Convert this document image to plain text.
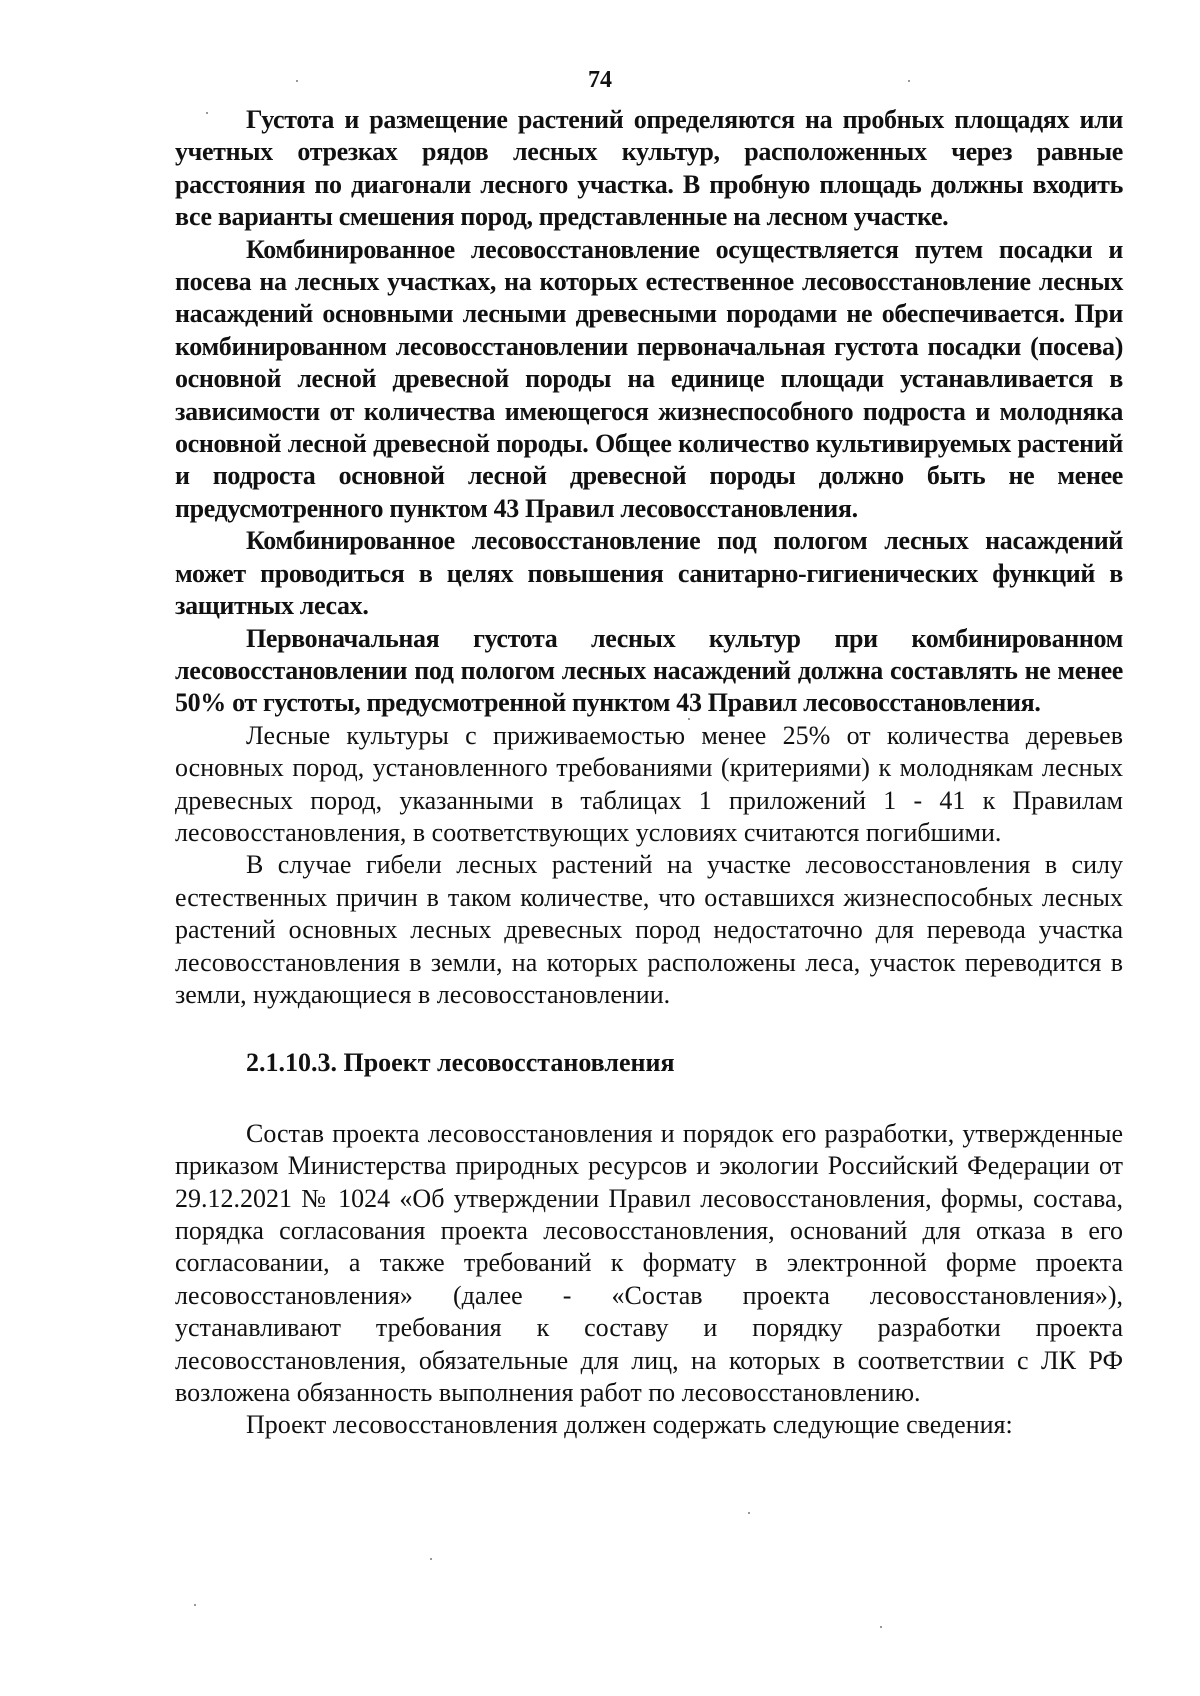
74

Густота и размещение растений определяются на пробных площадях или учетных отрезках рядов лесных культур, расположенных через равные расстояния по диагонали лесного участка. В пробную площадь должны входить все варианты смешения пород, представленные на лесном участке.

Комбинированное лесовосстановление осуществляется путем посадки и посева на лесных участках, на которых естественное лесовосстановление лесных насаждений основными лесными древесными породами не обеспечивается. При комбинированном лесовосстановлении первоначальная густота посадки (посева) основной лесной древесной породы на единице площади устанавливается в зависимости от количества имеющегося жизнеспособного подроста и молодняка основной лесной древесной породы. Общее количество культивируемых растений и подроста основной лесной древесной породы должно быть не менее предусмотренного пунктом 43 Правил лесовосстановления.

Комбинированное лесовосстановление под пологом лесных насаждений может проводиться в целях повышения санитарно-гигиенических функций в защитных лесах.

Первоначальная густота лесных культур при комбинированном лесовосстановлении под пологом лесных насаждений должна составлять не менее 50% от густоты, предусмотренной пунктом 43 Правил лесовосстановления.

Лесные культуры с приживаемостью менее 25% от количества деревьев основных пород, установленного требованиями (критериями) к молоднякам лесных древесных пород, указанными в таблицах 1 приложений 1 - 41 к Правилам лесовосстановления, в соответствующих условиях считаются погибшими.

В случае гибели лесных растений на участке лесовосстановления в силу естественных причин в таком количестве, что оставшихся жизнеспособных лесных растений основных лесных древесных пород недостаточно для перевода участка лесовосстановления в земли, на которых расположены леса, участок переводится в земли, нуждающиеся в лесовосстановлении.

2.1.10.3. Проект лесовосстановления

Состав проекта лесовосстановления и порядок его разработки, утвержденные приказом Министерства природных ресурсов и экологии Российский Федерации от 29.12.2021 № 1024 «Об утверждении Правил лесовосстановления, формы, состава, порядка согласования проекта лесовосстановления, оснований для отказа в его согласовании, а также требований к формату в электронной форме проекта лесовосстановления» (далее - «Состав проекта лесовосстановления»), устанавливают требования к составу и порядку разработки проекта лесовосстановления, обязательные для лиц, на которых в соответствии с ЛК РФ возложена обязанность выполнения работ по лесовосстановлению.

Проект лесовосстановления должен содержать следующие сведения:
